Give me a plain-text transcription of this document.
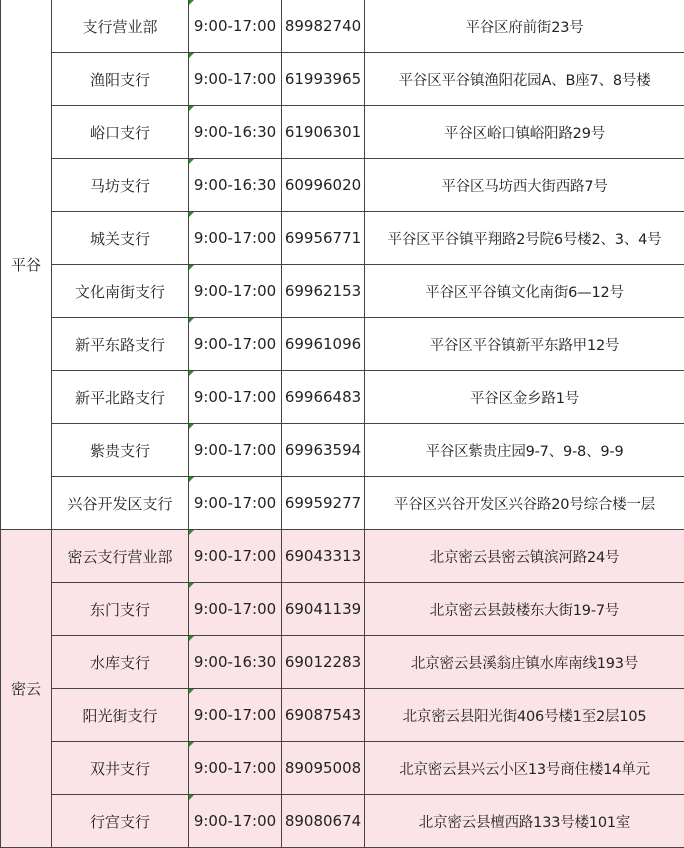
平谷	支行营业部	9:00-17:00	89982740	平谷区府前街23号
	渔阳支行	9:00-17:00	61993965	平谷区平谷镇渔阳花园A、B座7、8号楼
	峪口支行	9:00-16:30	61906301	平谷区峪口镇峪阳路29号
	马坊支行	9:00-16:30	60996020	平谷区马坊西大街西路7号
	城关支行	9:00-17:00	69956771	平谷区平谷镇平翔路2号院6号楼2、3、4号
	文化南街支行	9:00-17:00	69962153	平谷区平谷镇文化南街6—12号
	新平东路支行	9:00-17:00	69961096	平谷区平谷镇新平东路甲12号
	新平北路支行	9:00-17:00	69966483	平谷区金乡路1号
	紫贵支行	9:00-17:00	69963594	平谷区紫贵庄园9-7、9-8、9-9
	兴谷开发区支行	9:00-17:00	69959277	平谷区兴谷开发区兴谷路20号综合楼一层
密云	密云支行营业部	9:00-17:00	69043313	北京密云县密云镇滨河路24号
	东门支行	9:00-17:00	69041139	北京密云县鼓楼东大街19-7号
	水库支行	9:00-16:30	69012283	北京密云县溪翁庄镇水库南线193号
	阳光街支行	9:00-17:00	69087543	北京密云县阳光街406号楼1至2层105
	双井支行	9:00-17:00	89095008	北京密云县兴云小区13号商住楼14单元
	行宫支行	9:00-17:00	89080674	北京密云县檀西路133号楼101室
